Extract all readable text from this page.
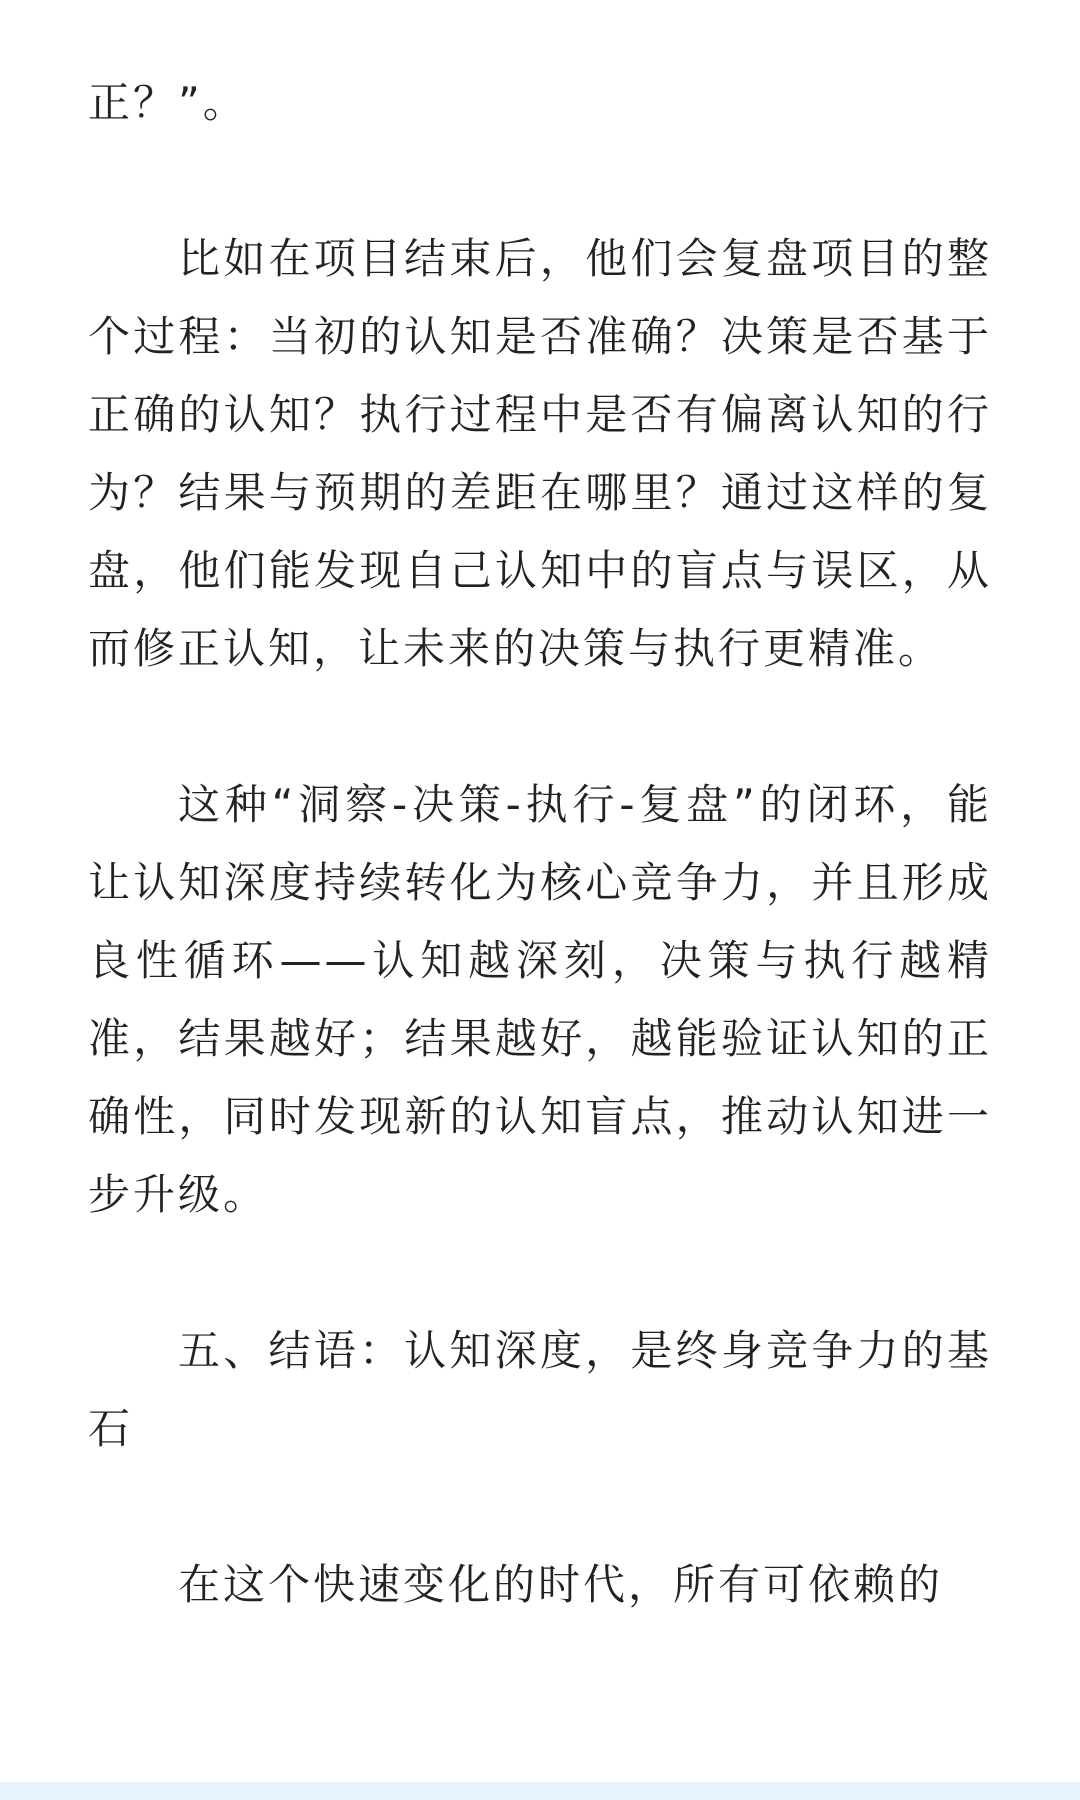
正？”。

比如在项目结束后，他们会复盘项目的整个过程：当初的认知是否准确？决策是否基于正确的认知？执行过程中是否有偏离认知的行为？结果与预期的差距在哪里？通过这样的复盘，他们能发现自己认知中的盲点与误区，从而修正认知，让未来的决策与执行更精准。

这种“洞察-决策-执行-复盘”的闭环，能让认知深度持续转化为核心竞争力，并且形成良性循环——认知越深刻，决策与执行越精准，结果越好；结果越好，越能验证认知的正确性，同时发现新的认知盲点，推动认知进一步升级。

五、结语：认知深度，是终身竞争力的基石

在这个快速变化的时代，所有可依赖的
